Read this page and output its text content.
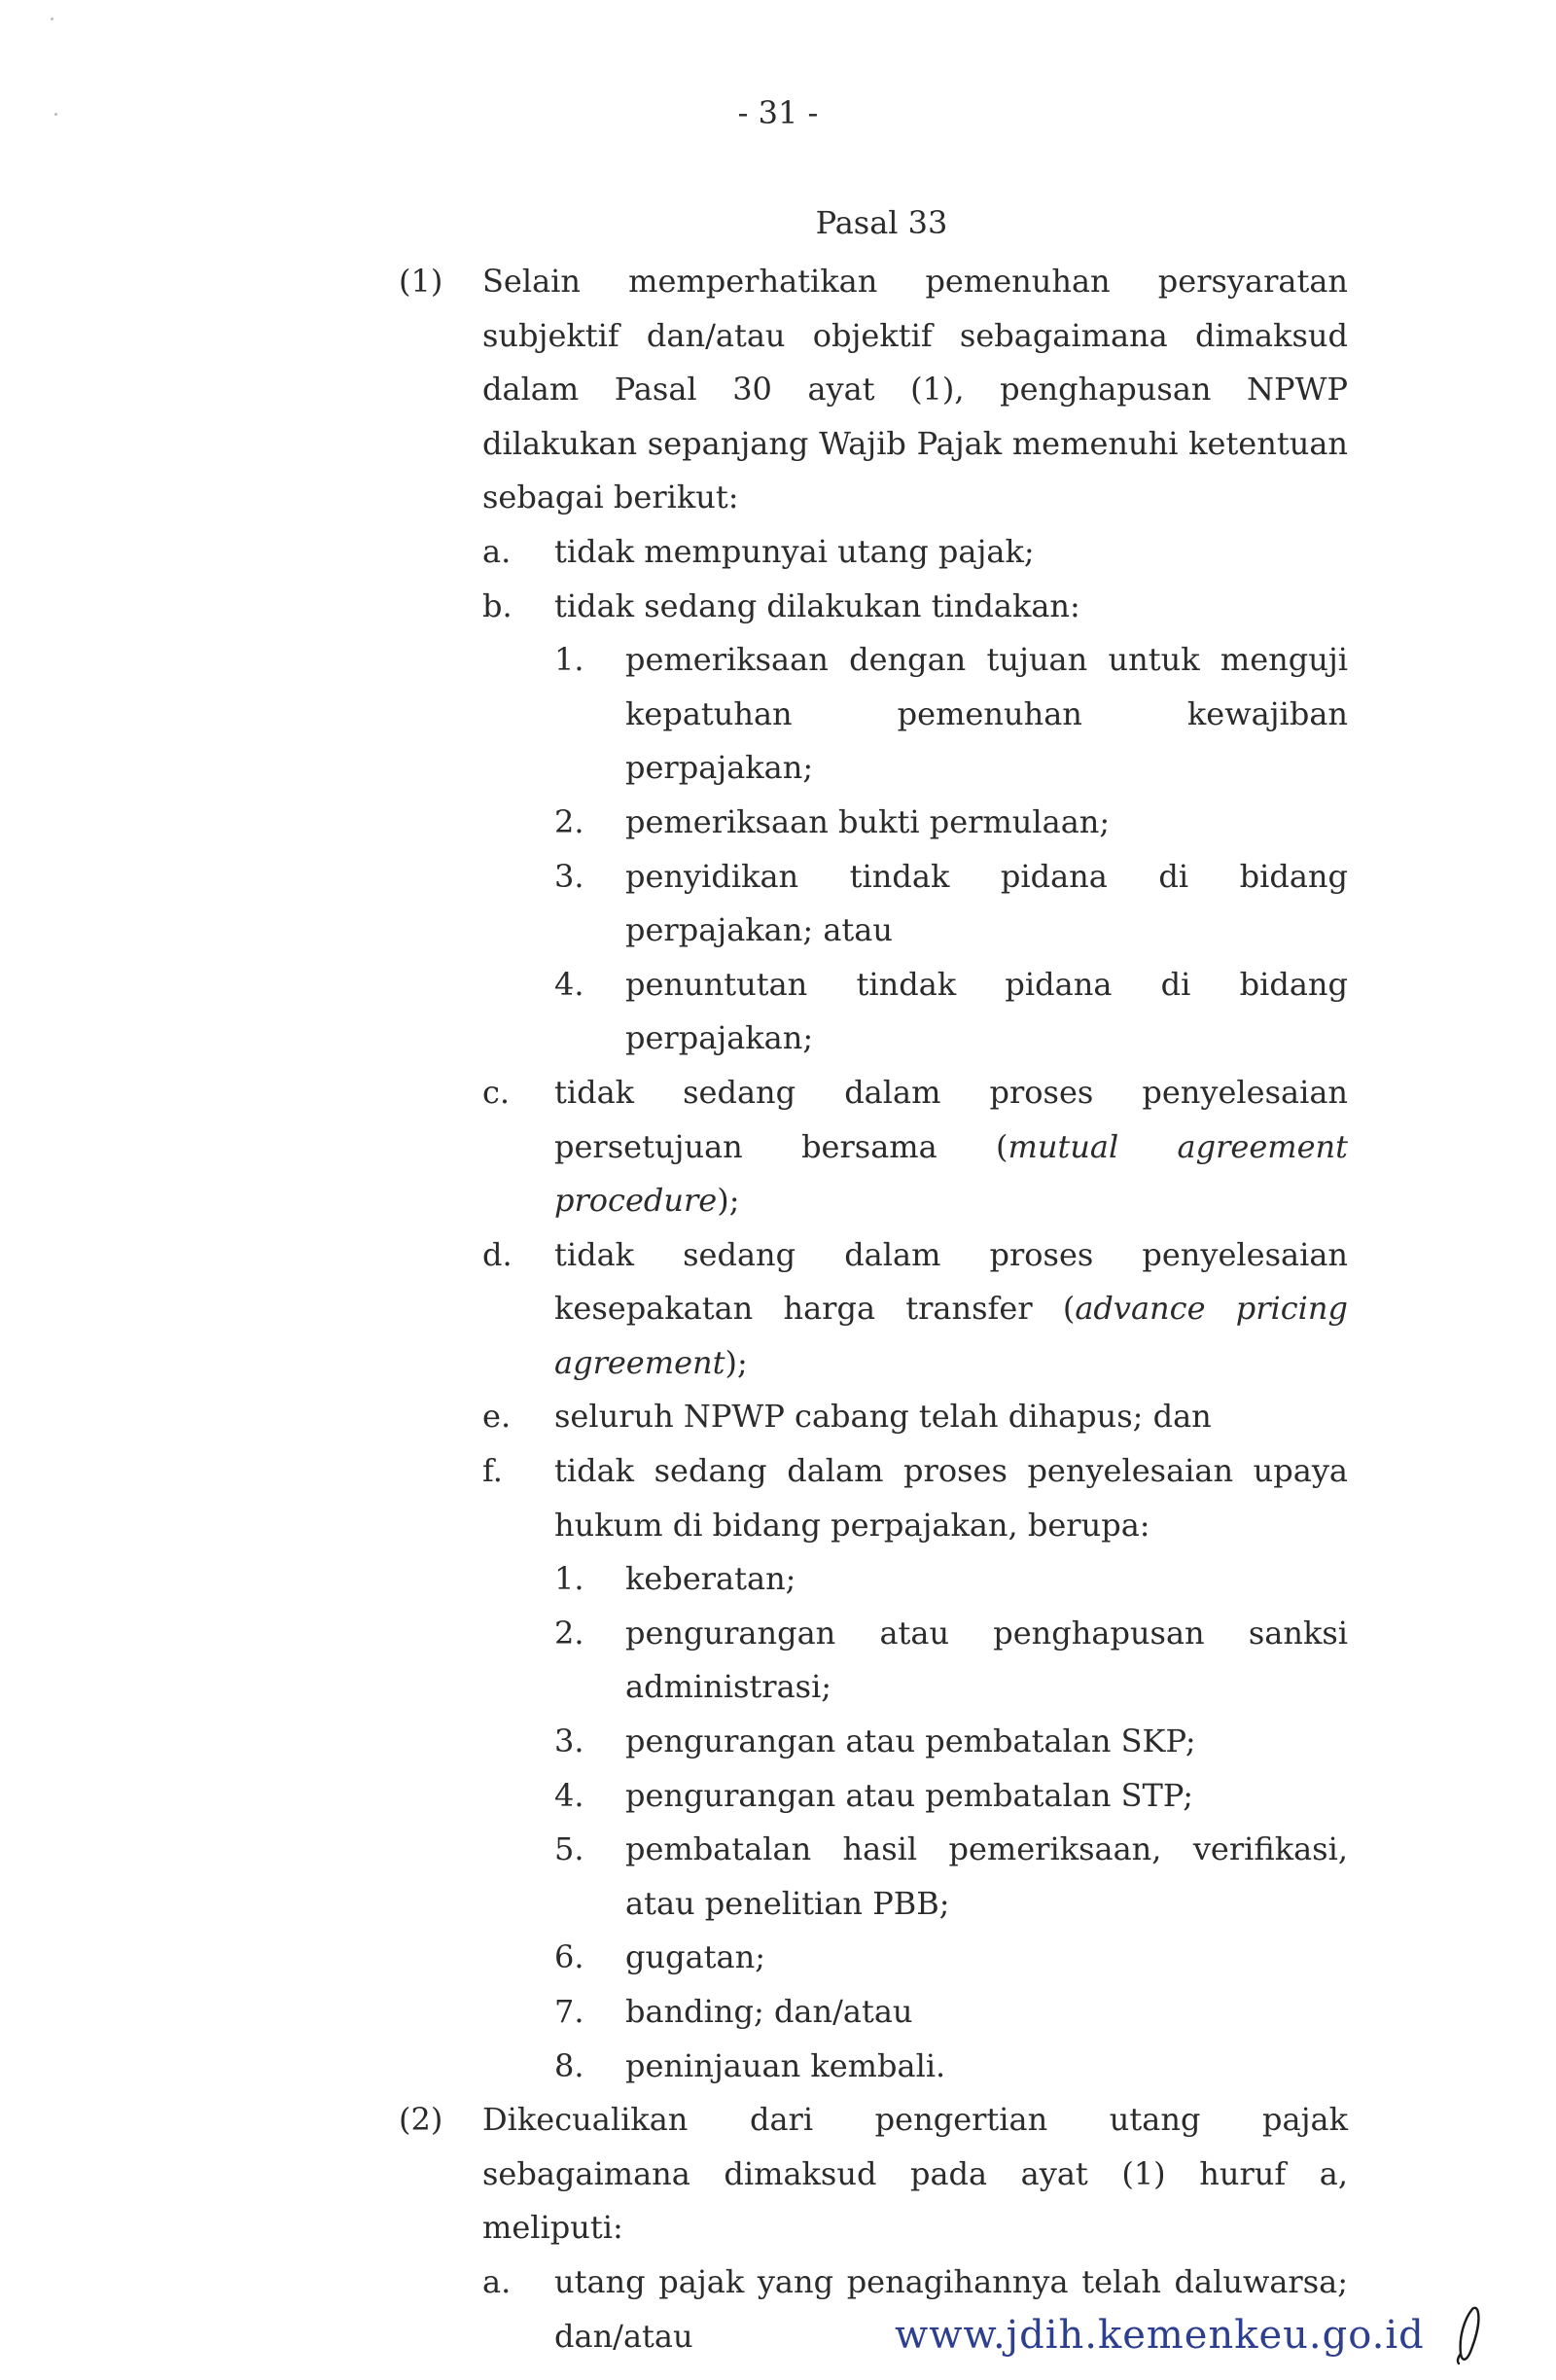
- 31 -
Pasal 33
(1)	Selain memperhatikan pemenuhan persyaratan subjektif dan/atau objektif sebagaimana dimaksud dalam Pasal 30 ayat (1), penghapusan NPWP dilakukan sepanjang Wajib Pajak memenuhi ketentuan sebagai berikut:
a.	tidak mempunyai utang pajak;
b.	tidak sedang dilakukan tindakan:
1.	pemeriksaan dengan tujuan untuk menguji kepatuhan pemenuhan kewajiban perpajakan;
2.	pemeriksaan bukti permulaan;
3.	penyidikan tindak pidana di bidang perpajakan; atau
4.	penuntutan tindak pidana di bidang perpajakan;
c.	tidak sedang dalam proses penyelesaian persetujuan bersama (mutual agreement procedure);
d.	tidak sedang dalam proses penyelesaian kesepakatan harga transfer (advance pricing agreement);
e.	seluruh NPWP cabang telah dihapus; dan
f.	tidak sedang dalam proses penyelesaian upaya hukum di bidang perpajakan, berupa:
1.	keberatan;
2.	pengurangan atau penghapusan sanksi administrasi;
3.	pengurangan atau pembatalan SKP;
4.	pengurangan atau pembatalan STP;
5.	pembatalan hasil pemeriksaan, verifikasi, atau penelitian PBB;
6.	gugatan;
7.	banding; dan/atau
8.	peninjauan kembali.
(2)	Dikecualikan dari pengertian utang pajak sebagaimana dimaksud pada ayat (1) huruf a, meliputi:
a.	utang pajak yang penagihannya telah daluwarsa; dan/atau	www.jdih.kemenkeu.go.id
